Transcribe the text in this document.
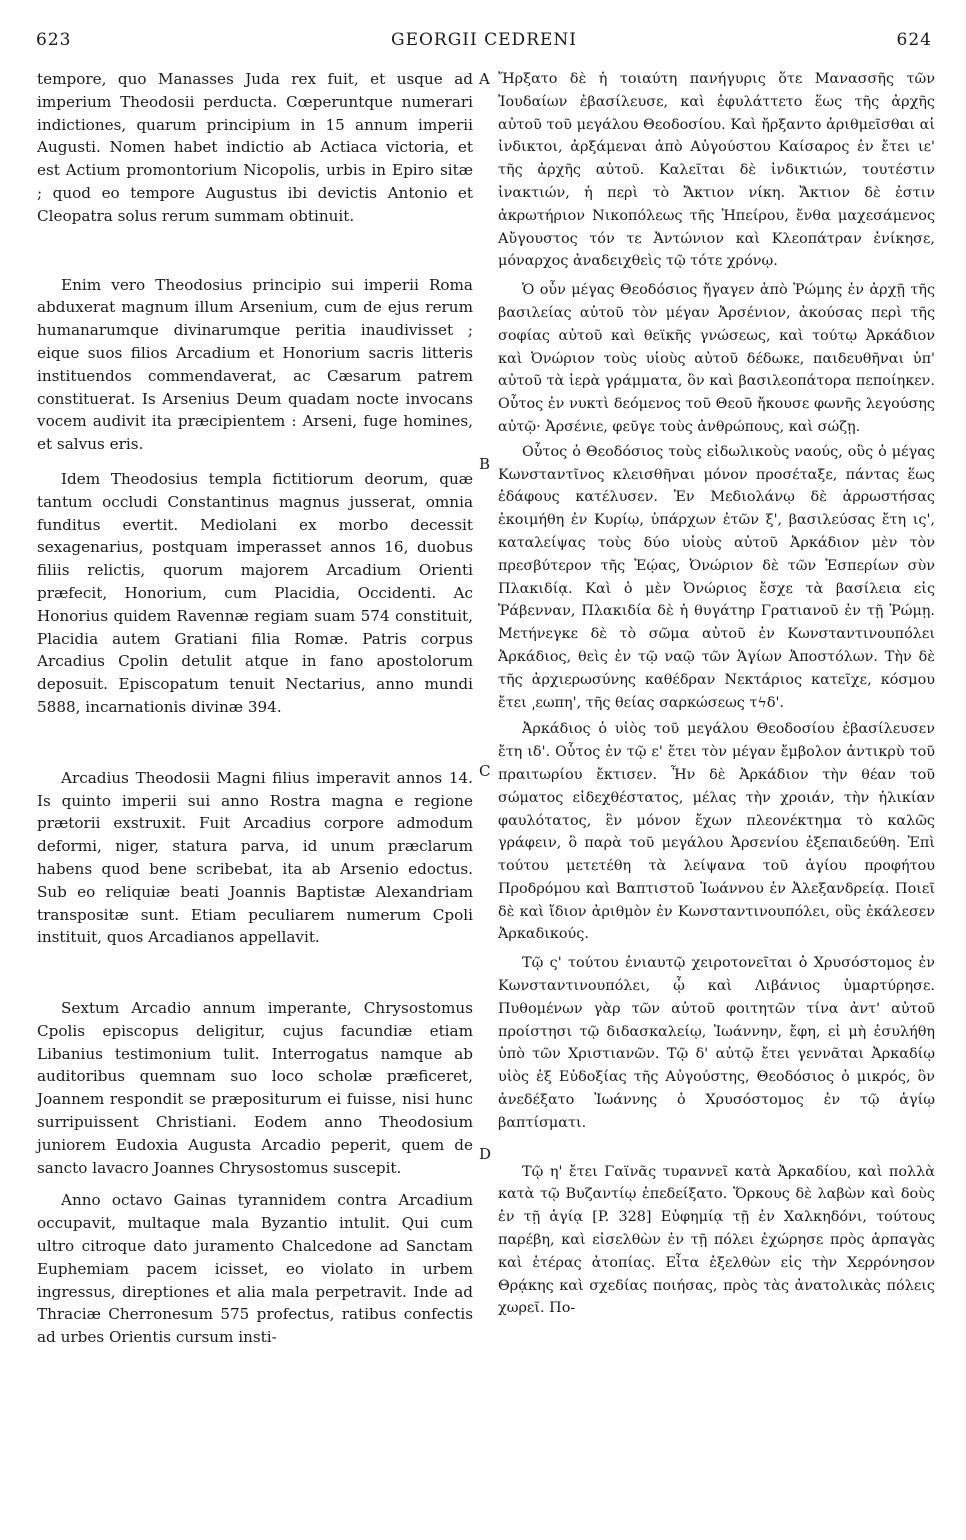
623	GEORGII CEDRENI	624
A
B
C
D

tempore, quo Manasses Juda rex fuit, et usque ad imperium Theodosii perducta. Cœperuntque numerari indictiones, quarum principium in 15 annum imperii Augusti. Nomen habet indictio ab Actiaca victoria, et est Actium promontorium Nicopolis, urbis in Epiro sitæ ; quod eo tempore Augustus ibi devictis Antonio et Cleopatra solus rerum summam obtinuit.

Enim vero Theodosius principio sui imperii Roma abduxerat magnum illum Arsenium, cum de ejus rerum humanarumque divinarumque peritia inaudivisset ; eique suos filios Arcadium et Honorium sacris litteris instituendos commendaverat, ac Cæsarum patrem constituerat. Is Arsenius Deum quadam nocte invocans vocem audivit ita præcipientem : Arseni, fuge homines, et salvus eris.

Idem Theodosius templa fictitiorum deorum, quæ tantum occludi Constantinus magnus jusserat, omnia funditus evertit. Mediolani ex morbo decessit sexagenarius, postquam imperasset annos 16, duobus filiis relictis, quorum majorem Arcadium Orienti præfecit, Honorium, cum Placidia, Occidenti. Ac Honorius quidem Ravennæ regiam suam 574 constituit, Placidia autem Gratiani filia Romæ. Patris corpus Arcadius Cpolin detulit atque in fano apostolorum deposuit. Episcopatum tenuit Nectarius, anno mundi 5888, incarnationis divinæ 394.

Arcadius Theodosii Magni filius imperavit annos 14. Is quinto imperii sui anno Rostra magna e regione prætorii exstruxit. Fuit Arcadius corpore admodum deformi, niger, statura parva, id unum præclarum habens quod bene scribebat, ita ab Arsenio edoctus. Sub eo reliquiæ beati Joannis Baptistæ Alexandriam transpositæ sunt. Etiam peculiarem numerum Cpoli instituit, quos Arcadianos appellavit.

Sextum Arcadio annum imperante, Chrysostomus Cpolis episcopus deligitur, cujus facundiæ etiam Libanius testimonium tulit. Interrogatus namque ab auditoribus quemnam suo loco scholæ præficeret, Joannem respondit se præpositurum ei fuisse, nisi hunc surripuissent Christiani. Eodem anno Theodosium juniorem Eudoxia Augusta Arcadio peperit, quem de sancto lavacro Joannes Chrysostomus suscepit.

Anno octavo Gainas tyrannidem contra Arcadium occupavit, multaque mala Byzantio intulit. Qui cum ultro citroque dato juramento Chalcedone ad Sanctam Euphemiam pacem icisset, eo violato in urbem ingressus, direptiones et alia mala perpetravit. Inde ad Thraciæ Cherronesum 575 profectus, ratibus confectis ad urbes Orientis cursum insti-

Ἤρξατο δὲ ἡ τοιαύτη πανήγυρις ὅτε Μανασσῆς τῶν Ἰουδαίων ἐβασίλευσε, καὶ ἐφυλάττετο ἕως τῆς ἀρχῆς αὐτοῦ τοῦ μεγάλου Θεοδοσίου. Καὶ ἤρξαντο ἀριθμεῖσθαι αἱ ἰνδικτοι, ἀρξάμεναι ἀπὸ Αὐγούστου Καίσαρος ἐν ἔτει ιε' τῆς ἀρχῆς αὐτοῦ. Καλεῖται δὲ ἰνδικτιών, τουτέστιν ἰνακτιών, ἡ περὶ τὸ Ἄκτιον νίκη. Ἄκτιον δὲ ἐστιν ἀκρωτήριον Νικοπόλεως τῆς Ἠπείρου, ἔνθα μαχεσάμενος Αὔγουστος τόν τε Ἀντώνιον καὶ Κλεοπάτραν ἐνίκησε, μόναρχος ἀναδειχθεὶς τῷ τότε χρόνῳ.

Ὁ οὖν μέγας Θεοδόσιος ἤγαγεν ἀπὸ Ῥώμης ἐν ἀρχῇ τῆς βασιλείας αὐτοῦ τὸν μέγαν Ἀρσένιον, ἀκούσας περὶ τῆς σοφίας αὐτοῦ καὶ θεϊκῆς γνώσεως, καὶ τούτῳ Ἀρκάδιον καὶ Ὀνώριον τοὺς υἱοὺς αὐτοῦ δέδωκε, παιδευθῆναι ὑπ' αὐτοῦ τὰ ἱερὰ γράμματα, ὃν καὶ βασιλεοπάτορα πεποίηκεν. Οὗτος ἐν νυκτὶ δεόμενος τοῦ Θεοῦ ἤκουσε φωνῆς λεγούσης αὐτῷ· Ἀρσένιε, φεῦγε τοὺς ἀνθρώπους, καὶ σώζῃ.

Οὗτος ὁ Θεοδόσιος τοὺς εἰδωλικοὺς ναούς, οὓς ὁ μέγας Κωνσταντῖνος κλεισθῆναι μόνον προσέταξε, πάντας ἕως ἐδάφους κατέλυσεν. Ἐν Μεδιολάνῳ δὲ ἀρρωστήσας ἐκοιμήθη ἐν Κυρίῳ, ὑπάρχων ἐτῶν ξ', βασιλεύσας ἔτη ις', καταλείψας τοὺς δύο υἱοὺς αὐτοῦ Ἀρκάδιον μὲν τὸν πρεσβύτερον τῆς Ἑῴας, Ὀνώριον δὲ τῶν Ἑσπερίων σὺν Πλακιδίᾳ. Καὶ ὁ μὲν Ὀνώριος ἔσχε τὰ βασίλεια εἰς Ῥάβενναν, Πλακιδία δὲ ἡ θυγάτηρ Γρατιανοῦ ἐν τῇ Ῥώμῃ. Μετήνεγκε δὲ τὸ σῶμα αὐτοῦ ἐν Κωνσταντινουπόλει Ἀρκάδιος, θεὶς ἐν τῷ ναῷ τῶν Ἁγίων Ἀποστόλων. Τὴν δὲ τῆς ἀρχιερωσύνης καθέδραν Νεκτάριος κατεῖχε, κόσμου ἔτει ͵εωπη', τῆς θείας σαρκώσεως τϟδ'.

Ἀρκάδιος ὁ υἱὸς τοῦ μεγάλου Θεοδοσίου ἐβασίλευσεν ἔτη ιδ'. Οὗτος ἐν τῷ ε' ἔτει τὸν μέγαν ἔμβολον ἀντικρὺ τοῦ πραιτωρίου ἔκτισεν. Ἦν δὲ Ἀρκάδιον τὴν θέαν τοῦ σώματος εἰδεχθέστατος, μέλας τὴν χροιάν, τὴν ἡλικίαν φαυλότατος, ἓν μόνον ἔχων πλεονέκτημα τὸ καλῶς γράφειν, ὃ παρὰ τοῦ μεγάλου Ἀρσενίου ἐξεπαιδεύθη. Ἐπὶ τούτου μετετέθη τὰ λείψανα τοῦ ἁγίου προφήτου Προδρόμου καὶ Βαπτιστοῦ Ἰωάννου ἐν Ἀλεξανδρείᾳ. Ποιεῖ δὲ καὶ ἴδιον ἀριθμὸν ἐν Κωνσταντινουπόλει, οὓς ἐκάλεσεν Ἀρκαδικούς.

Τῷ ς' τούτου ἐνιαυτῷ χειροτονεῖται ὁ Χρυσόστομος ἐν Κωνσταντινουπόλει, ᾧ καὶ Λιβάνιος ὑμαρτύρησε. Πυθομένων γὰρ τῶν αὐτοῦ φοιτητῶν τίνα ἀντ' αὐτοῦ προίστησι τῷ διδασκαλείῳ, Ἰωάννην, ἔφη, εἰ μὴ ἐσυλήθη ὑπὸ τῶν Χριστιανῶν. Τῷ δ' αὐτῷ ἔτει γεννᾶται Ἀρκαδίῳ υἱὸς ἐξ Εὐδοξίας τῆς Αὐγούστης, Θεοδόσιος ὁ μικρός, ὃν ἀνεδέξατο Ἰωάννης ὁ Χρυσόστομος ἐν τῷ ἁγίῳ βαπτίσματι.

Τῷ η' ἔτει Γαϊνᾶς τυραννεῖ κατὰ Ἀρκαδίου, καὶ πολλὰ κατὰ τῷ Βυζαντίῳ ἐπεδείξατο. Ὅρκους δὲ λαβὼν καὶ δοὺς ἐν τῇ ἁγίᾳ [P. 328] Εὐφημίᾳ τῇ ἐν Χαλκηδόνι, τούτους παρέβη, καὶ εἰσελθὼν ἐν τῇ πόλει ἐχώρησε πρὸς ἁρπαγὰς καὶ ἑτέρας ἀτοπίας. Εἶτα ἐξελθὼν εἰς τὴν Χερρόνησον Θρᾴκης καὶ σχεδίας ποιήσας, πρὸς τὰς ἀνατολικὰς πόλεις χωρεῖ. Πο-
